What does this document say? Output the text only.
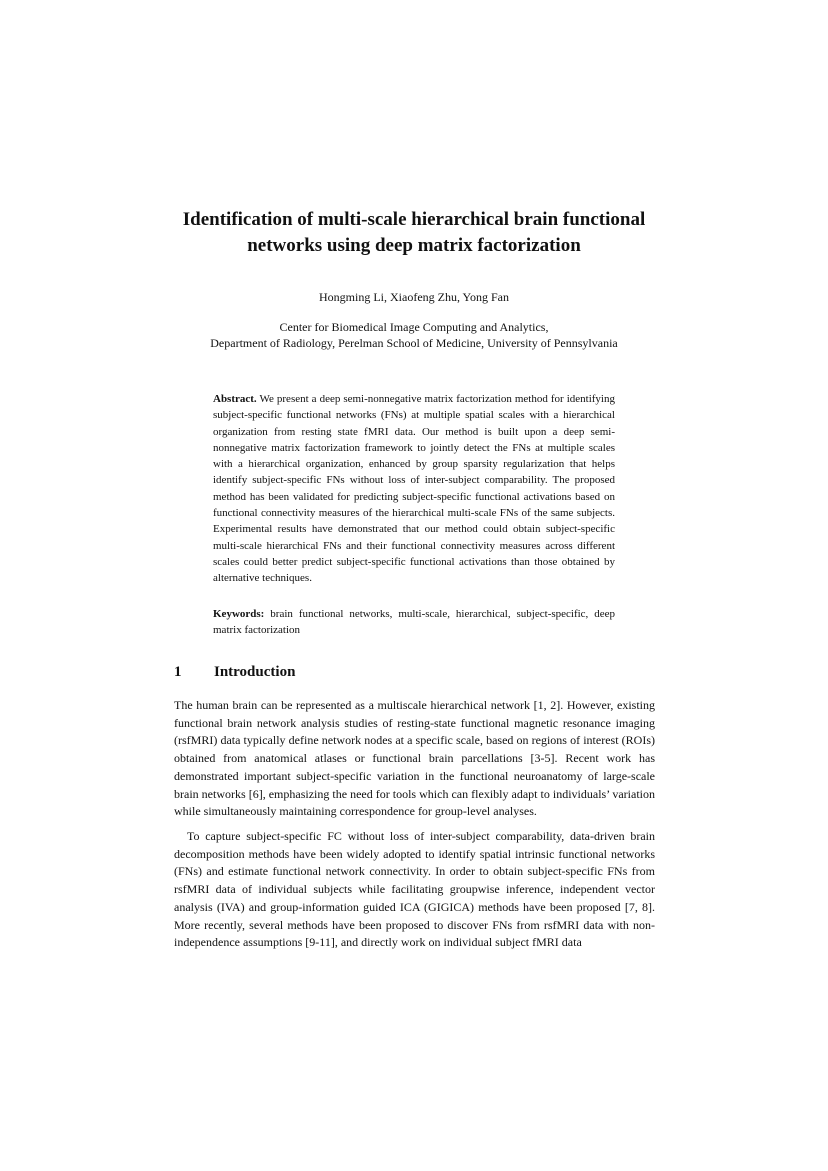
Identification of multi-scale hierarchical brain functional networks using deep matrix factorization

Hongming Li, Xiaofeng Zhu, Yong Fan

Center for Biomedical Image Computing and Analytics,
Department of Radiology, Perelman School of Medicine, University of Pennsylvania

Abstract. We present a deep semi-nonnegative matrix factorization method for identifying subject-specific functional networks (FNs) at multiple spatial scales with a hierarchical organization from resting state fMRI data. Our method is built upon a deep semi-nonnegative matrix factorization framework to jointly detect the FNs at multiple scales with a hierarchical organization, enhanced by group sparsity regularization that helps identify subject-specific FNs without loss of inter-subject comparability. The proposed method has been validated for predicting subject-specific functional activations based on functional connectivity measures of the hierarchical multi-scale FNs of the same subjects. Experimental results have demonstrated that our method could obtain subject-specific multi-scale hierarchical FNs and their functional connectivity measures across different scales could better predict subject-specific functional activations than those obtained by alternative techniques.

Keywords: brain functional networks, multi-scale, hierarchical, subject-specific, deep matrix factorization

1 Introduction

The human brain can be represented as a multiscale hierarchical network [1, 2]. However, existing functional brain network analysis studies of resting-state functional magnetic resonance imaging (rsfMRI) data typically define network nodes at a specific scale, based on regions of interest (ROIs) obtained from anatomical atlases or functional brain parcellations [3-5]. Recent work has demonstrated important subject-specific variation in the functional neuroanatomy of large-scale brain networks [6], emphasizing the need for tools which can flexibly adapt to individuals’ variation while simultaneously maintaining correspondence for group-level analyses.

To capture subject-specific FC without loss of inter-subject comparability, data-driven brain decomposition methods have been widely adopted to identify spatial intrinsic functional networks (FNs) and estimate functional network connectivity. In order to obtain subject-specific FNs from rsfMRI data of individual subjects while facilitating groupwise inference, independent vector analysis (IVA) and group-information guided ICA (GIGICA) methods have been proposed [7, 8]. More recently, several methods have been proposed to discover FNs from rsfMRI data with non-independence assumptions [9-11], and directly work on individual subject fMRI data
